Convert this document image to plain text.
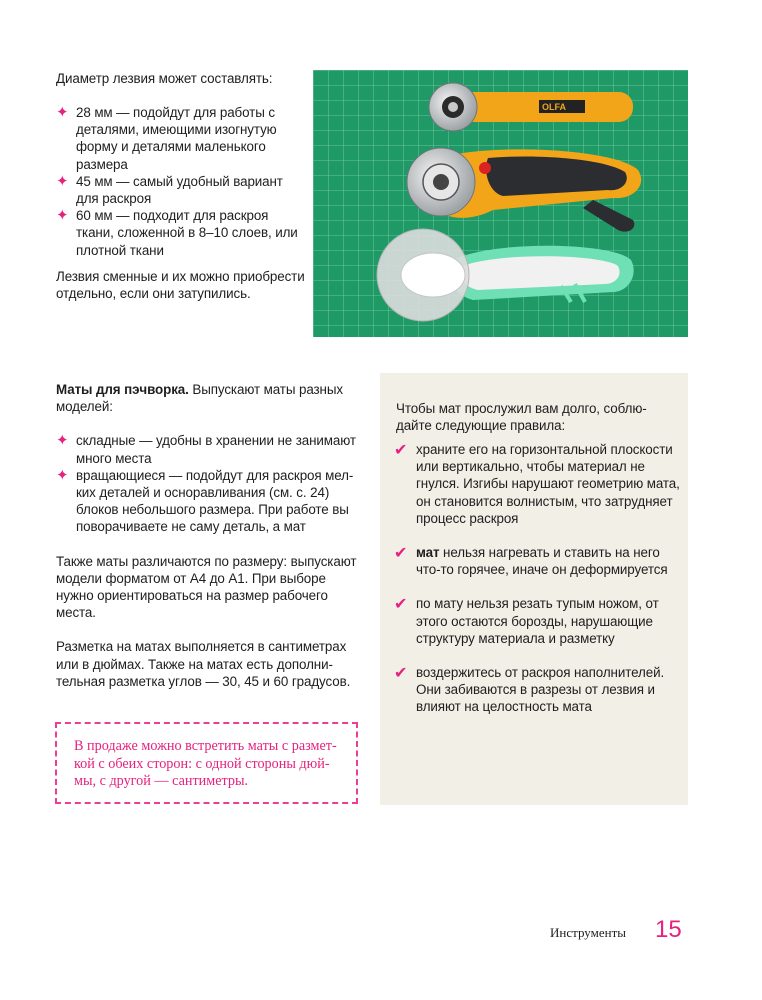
Диаметр лезвия может составлять:

✦ 28 мм — подойдут для работы с деталями, имеющими изогнутую форму и деталями маленького размера
✦ 45 мм — самый удобный вариант для раскроя
✦ 60 мм — подходит для раскроя ткани, сложенной в 8–10 слоев, или плотной ткани

Лезвия сменные и их можно приобрести отдельно, если они затупились.

OLFA

Маты для пэчворка. Выпускают маты разных моделей:

✦ складные — удобны в хранении не занимают много места
✦ вращающиеся — подойдут для раскроя мелких деталей и осноравливания (см. с. 24) блоков небольшого размера. При работе вы поворачиваете не саму деталь, а мат

Также маты различаются по размеру: выпускают модели форматом от А4 до А1. При выборе нужно ориентироваться на размер рабочего места.

Разметка на матах выполняется в сантиметрах или в дюймах. Также на матах есть дополнительная разметка углов — 30, 45 и 60 градусов.

В продаже можно встретить маты с разметкой с обеих сторон: с одной стороны дюймы, с другой — сантиметры.

Чтобы мат прослужил вам долго, соблюдайте следующие правила:

✔ храните его на горизонтальной плоскости или вертикально, чтобы материал не гнулся. Изгибы нарушают геометрию мата, он становится волнистым, что затрудняет процесс раскроя
✔ мат нельзя нагревать и ставить на него что-то горячее, иначе он деформируется
✔ по мату нельзя резать тупым ножом, от этого остаются борозды, нарушающие структуру материала и разметку
✔ воздержитесь от раскроя наполнителей. Они забиваются в разрезы от лезвия и влияют на целостность мата
Инструменты 15
